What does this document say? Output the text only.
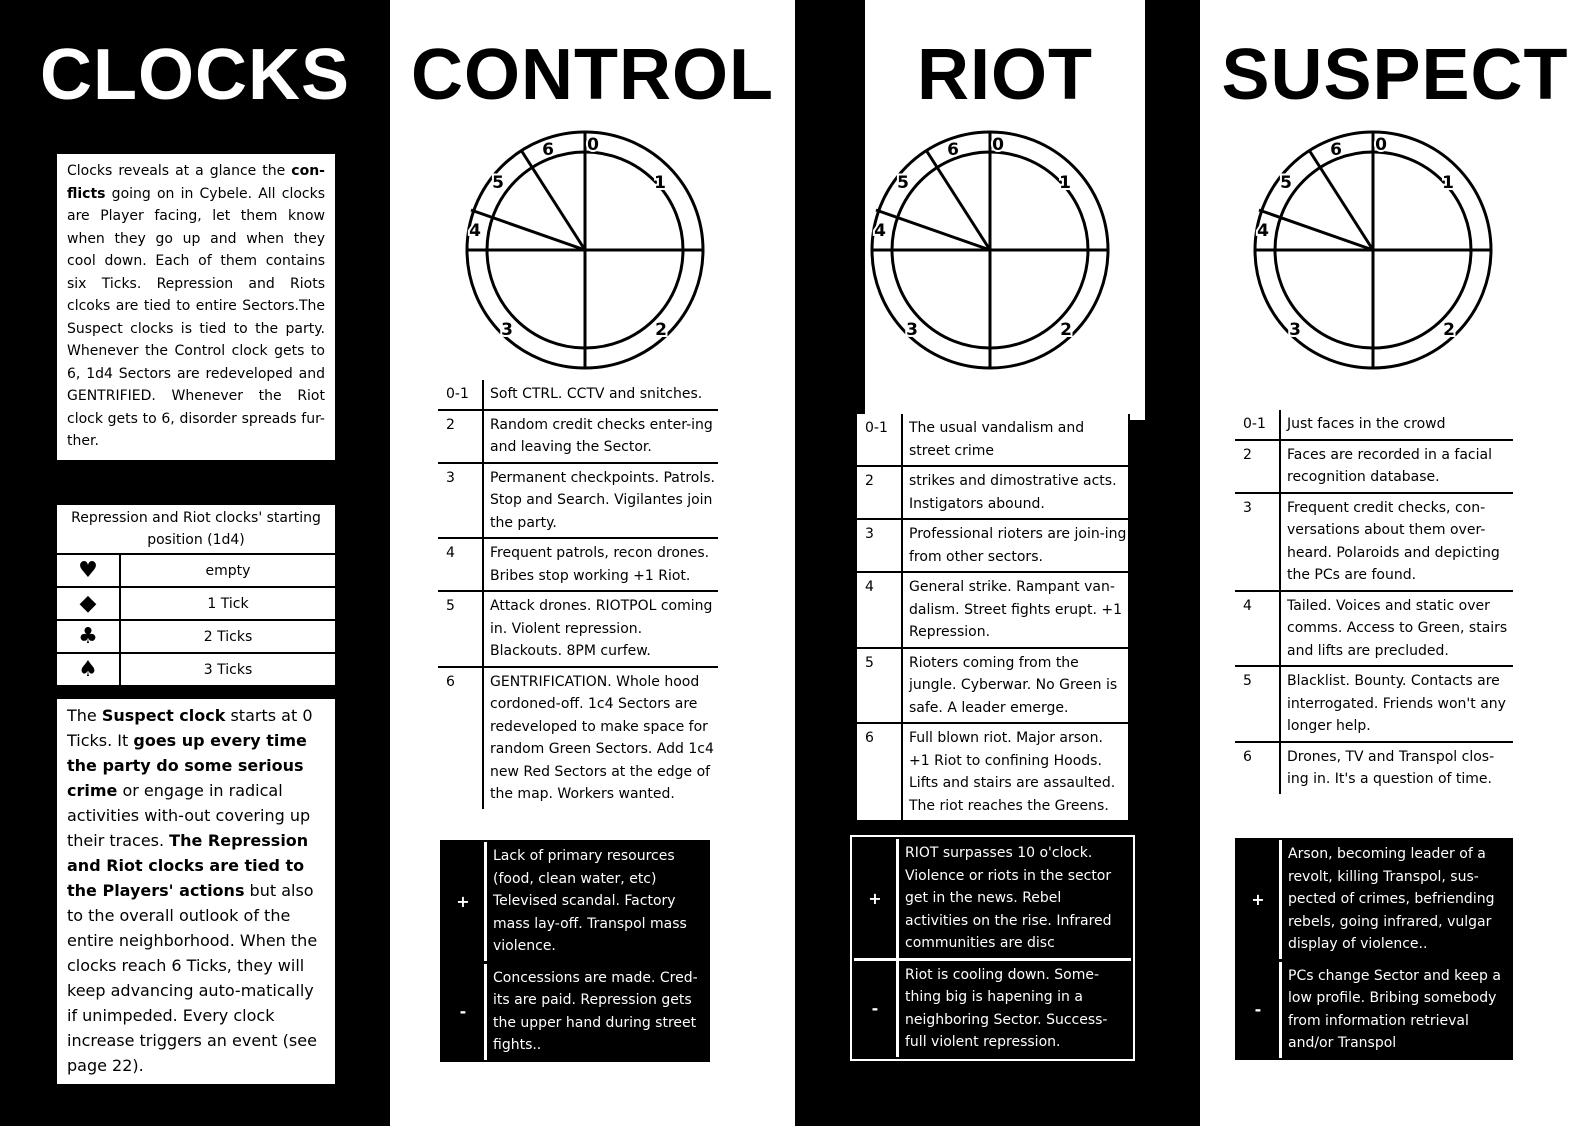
CLOCKS
Clocks reveals at a glance the con-flicts going on in Cybele. All clocks are Player facing, let them know when they go up and when they cool down. Each of them contains six Ticks. Repression and Riots clcoks are tied to entire Sectors.The Suspect clocks is tied to the party. Whenever the Control clock gets to 6, 1d4 Sectors are redeveloped and GENTRIFIED. Whenever the Riot clock gets to 6, disorder spreads fur-ther.
Repression and Riot clocks' starting position (1d4)
♥	empty
◆	1 Tick
♣	2 Ticks
♠	3 Ticks
The Suspect clock starts at 0 Ticks. It goes up every time the party do some serious crime or engage in radical activities with-out covering up their traces. The Repression and Riot clocks are tied to the Players' actions but also to the overall outlook of the entire neighborhood. When the clocks reach 6 Ticks, they will keep advancing auto-matically if unimpeded. Every clock increase triggers an event (see page 22).
CONTROL
0
1
2
3
4
5
6
0-1	Soft CTRL. CCTV and snitches.
2	Random credit checks enter-ing and leaving the Sector.
3	Permanent checkpoints. Patrols. Stop and Search. Vigilantes join the party.
4	Frequent patrols, recon drones. Bribes stop working +1 Riot.
5	Attack drones. RIOTPOL coming in. Violent repression. Blackouts. 8PM curfew.
6	GENTRIFICATION. Whole hood cordoned-off. 1c4 Sectors are redeveloped to make space for random Green Sectors. Add 1c4 new Red Sectors at the edge of the map. Workers wanted.
+
Lack of primary resources (food, clean water, etc) Televised scandal. Factory mass lay-off. Transpol mass violence.
-
Concessions are made. Cred-its are paid. Repression gets the upper hand during street fights..
RIOT
0
1
2
3
4
5
6
0-1	The usual vandalism and street crime
2	strikes and dimostrative acts. Instigators abound.
3	Professional rioters are join-ing from other sectors.
4	General strike. Rampant van-dalism. Street fights erupt. +1 Repression.
5	Rioters coming from the jungle. Cyberwar. No Green is safe. A leader emerge.
6	Full blown riot. Major arson. +1 Riot to confining Hoods. Lifts and stairs are assaulted. The riot reaches the Greens.
+
RIOT surpasses 10 o'clock. Violence or riots in the sector get in the news. Rebel activities on the rise. Infrared communities are disc
-
Riot is cooling down. Some-thing big is hapening in a neighboring Sector. Success-full violent repression.
SUSPECT
0
1
2
3
4
5
6
0-1	Just faces in the crowd
2	Faces are recorded in a facial recognition database.
3	Frequent credit checks, con-versations about them over-heard. Polaroids and depicting the PCs are found.
4	Tailed. Voices and static over comms. Access to Green, stairs and lifts are precluded.
5	Blacklist. Bounty. Contacts are interrogated. Friends won't any longer help.
6	Drones, TV and Transpol clos-ing in. It's a question of time.
+
Arson, becoming leader of a revolt, killing Transpol, sus-pected of crimes, befriending rebels, going infrared, vulgar display of violence..
-
PCs change Sector and keep a low profile. Bribing somebody from information retrieval and/or Transpol
